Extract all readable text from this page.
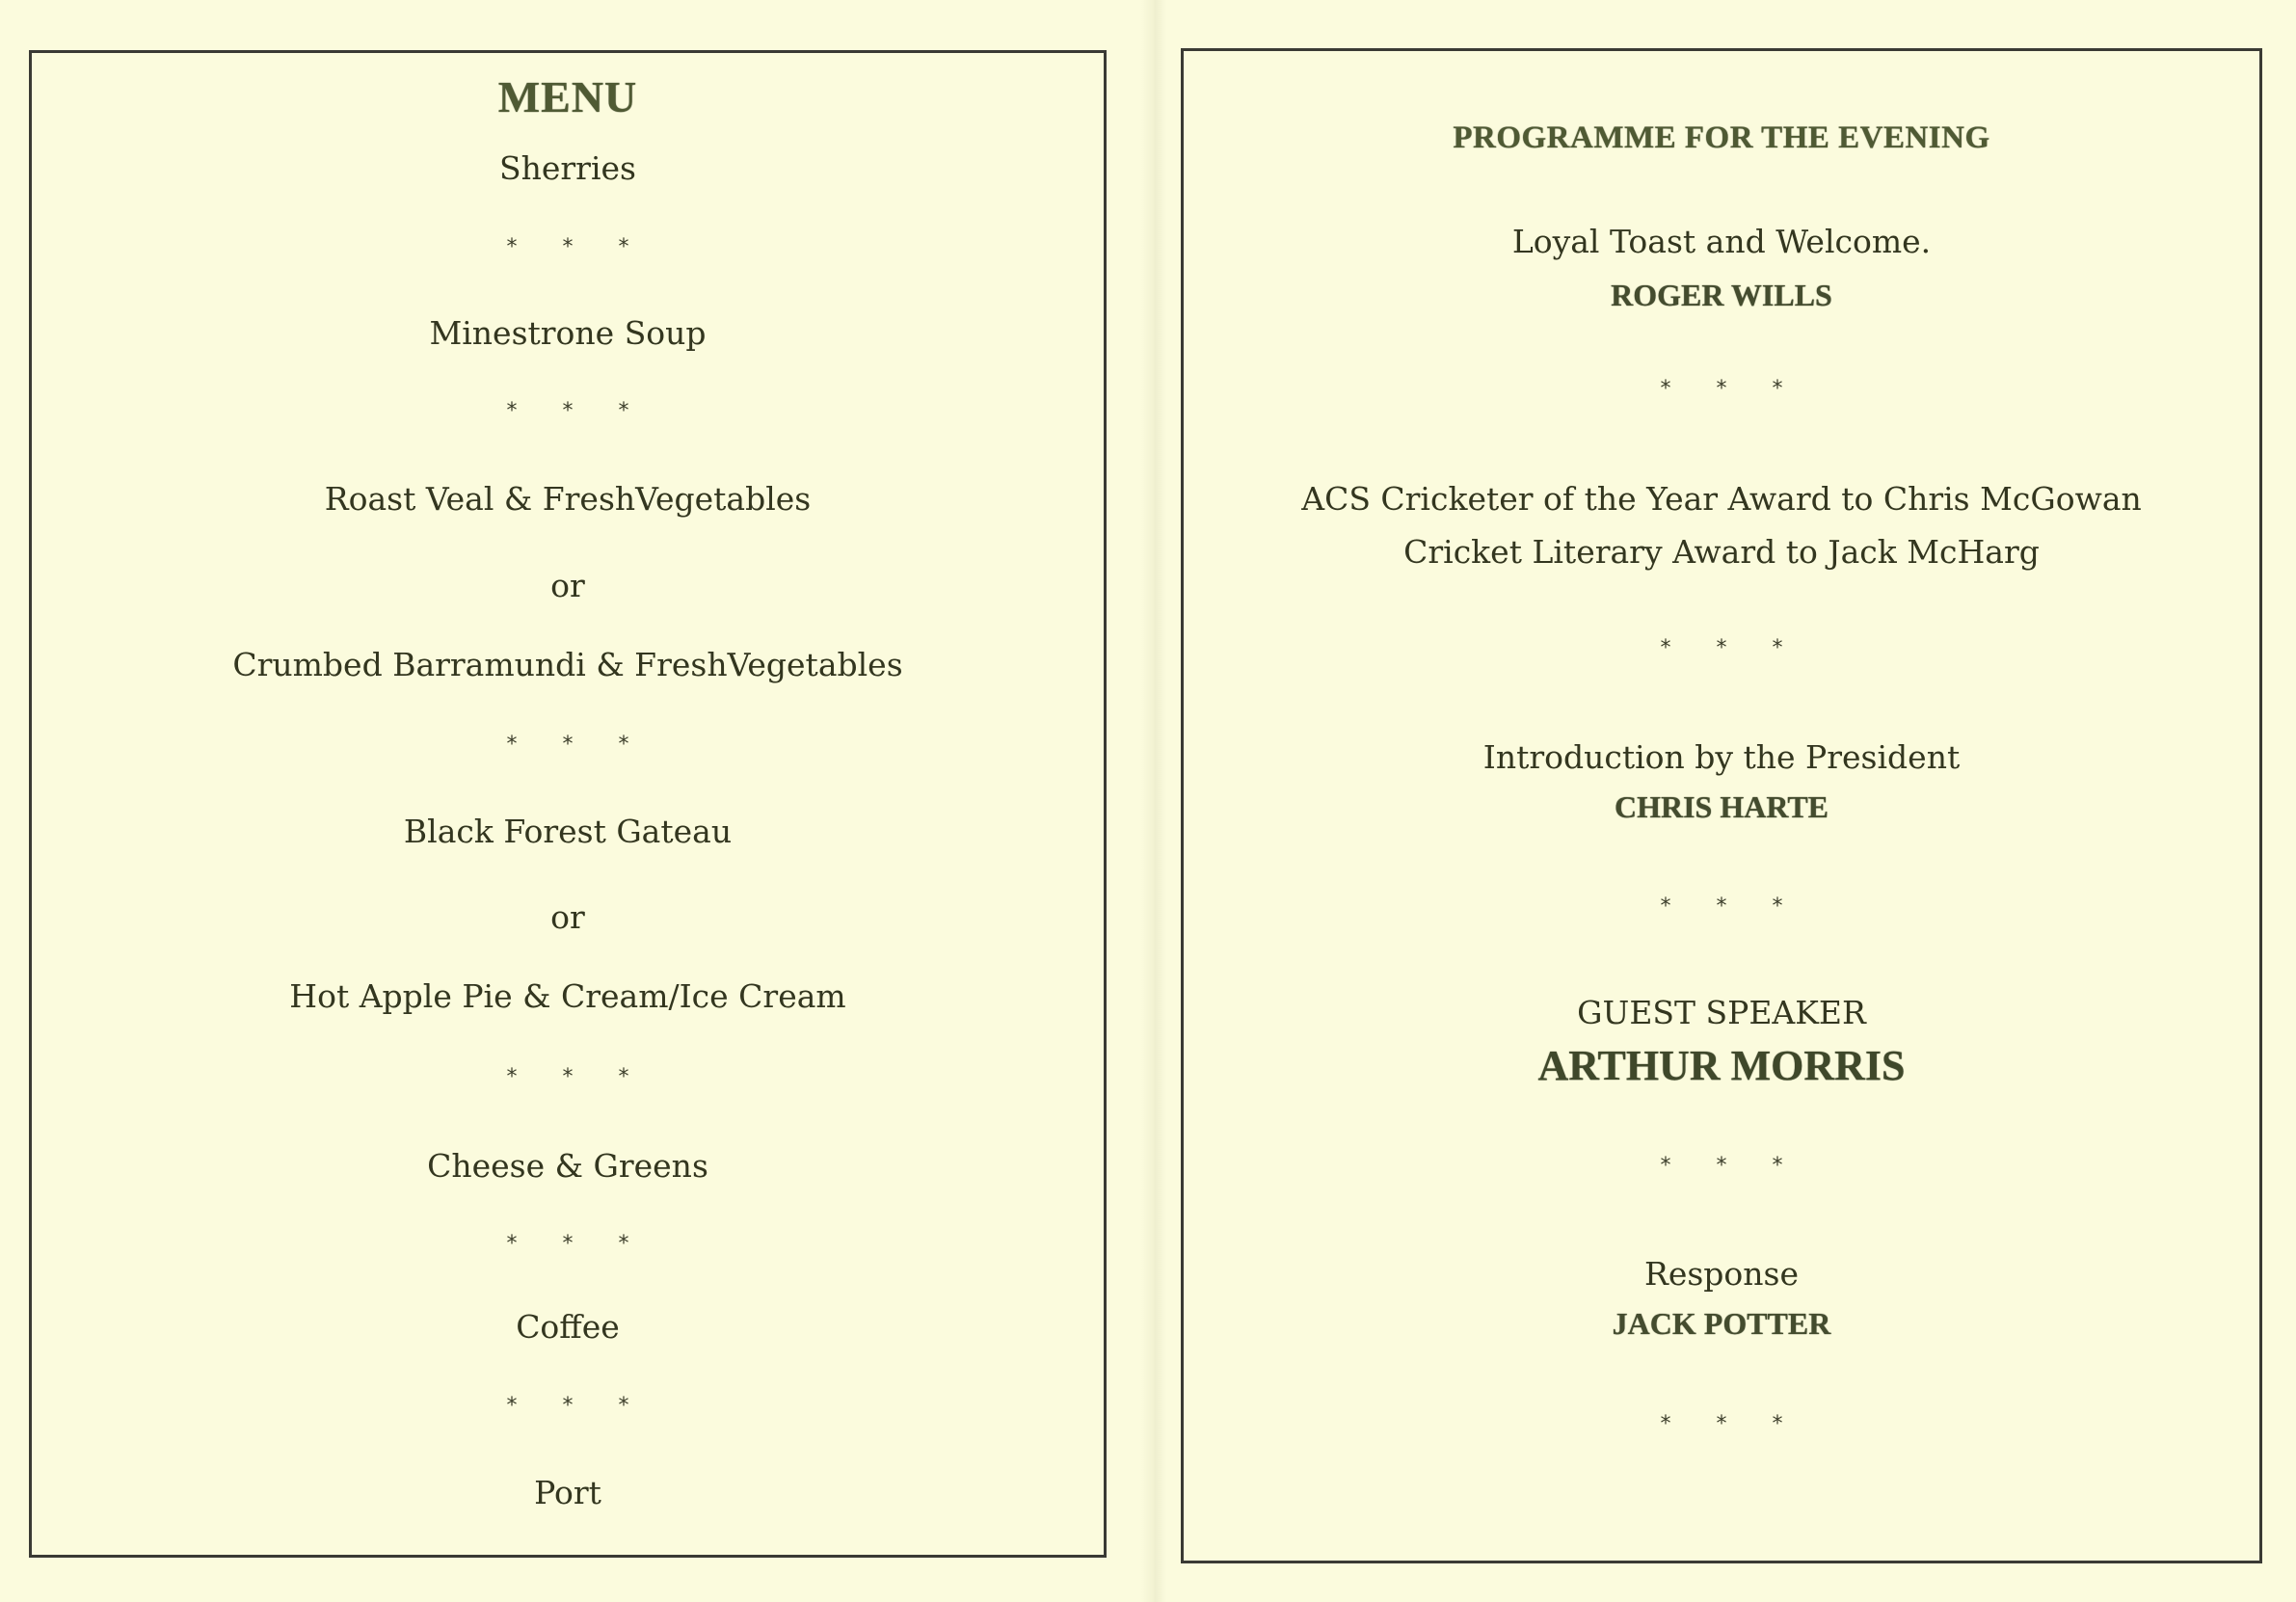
MENU

Sherries

* * *

Minestrone Soup

* * *

Roast Veal & FreshVegetables

or

Crumbed Barramundi & FreshVegetables

* * *

Black Forest Gateau

or

Hot Apple Pie & Cream/Ice Cream

* * *

Cheese & Greens

* * *

Coffee

* * *

Port

PROGRAMME FOR THE EVENING

Loyal Toast and Welcome.

ROGER WILLS

* * *

ACS Cricketer of the Year Award to Chris McGowan

Cricket Literary Award to Jack McHarg

* * *

Introduction by the President

CHRIS HARTE

* * *

GUEST SPEAKER

ARTHUR MORRIS

* * *

Response

JACK POTTER

* * *
